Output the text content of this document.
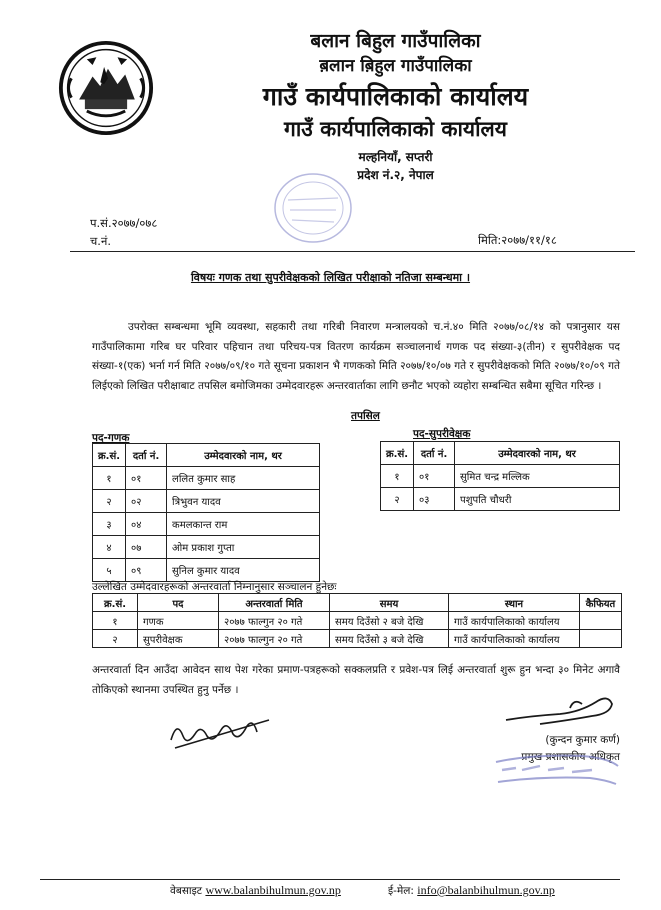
बलान बिहुल गाउँपालिका
ब़लान ब़िहुल गाउँपालिका
गाउँ कार्यपालिकाको कार्यालय
गाउँ कार्यपालिकाको कार्यालय
मल्हनियाँ, सप्तरी
प्रदेश नं.२, नेपाल
प.सं.२०७७/०७८
च.नं.	मिति:२०७७/११/१८
विषयः गणक तथा सुपरीवेक्षकको लिखित परीक्षाको नतिजा सम्बन्धमा ।
उपरोक्त सम्बन्धमा भूमि व्यवस्था, सहकारी तथा गरिबी निवारण मन्त्रालयको च.नं.४० मिति २०७७/०८/१४ को पत्रानुसार यस गाउँपालिकामा गरिब घर परिवार पहिचान तथा परिचय-पत्र वितरण कार्यक्रम सञ्चालनार्थ गणक पद संख्या-३(तीन) र सुपरीवेक्षक पद संख्या-१(एक) भर्ना गर्न मिति २०७७/०९/१० गते सूचना प्रकाशन भै गणकको मिति २०७७/१०/०७ गते र सुपरीवेक्षकको मिति २०७७/१०/०९ गते लिईएको लिखित परीक्षाबाट तपसिल बमोजिमका उम्मेदवारहरू अन्तरवार्ताका लागि छनौट भएको व्यहोरा सम्बन्धित सबैमा सूचित गरिन्छ ।
तपसिल
पद-गणक
क्र.सं.	दर्ता नं.	उम्मेदवारको नाम, थर
१	०१	ललित कुमार साह
२	०२	त्रिभुवन यादव
३	०४	कमलकान्त राम
४	०७	ओम प्रकाश गुप्ता
५	०९	सुनिल कुमार यादव
पद-सुपरीवेक्षक
क्र.सं.	दर्ता नं.	उम्मेदवारको नाम, थर
१	०१	सुमित चन्द्र मल्लिक
२	०३	पशुपति चौधरी
उल्लेखित उम्मेदवारहरूको अन्तरवार्ता निम्नानुसार सञ्चालन हुनेछः
क्र.सं.	पद	अन्तरवार्ता मिति	समय	स्थान	कैफियत
१	गणक	२०७७ फाल्गुन २० गते	समय दिउँसो २ बजे देखि	गाउँ कार्यपालिकाको कार्यालय	
२	सुपरीवेक्षक	२०७७ फाल्गुन २० गते	समय दिउँसो ३ बजे देखि	गाउँ कार्यपालिकाको कार्यालय	
अन्तरवार्ता दिन आउँदा आवेदन साथ पेश गरेका प्रमाण-पत्रहरूको सक्कलप्रति र प्रवेश-पत्र लिई अन्तरवार्ता शुरू हुन भन्दा ३० मिनेट अगावै तोकिएको स्थानमा उपस्थित हुनु पर्नेछ ।
(कुन्दन कुमार कर्ण)
प्रमुख प्रशासकीय अधिकृत
वेबसाइट www.balanbihulmun.gov.np	ई-मेल: info@balanbihulmun.gov.np
